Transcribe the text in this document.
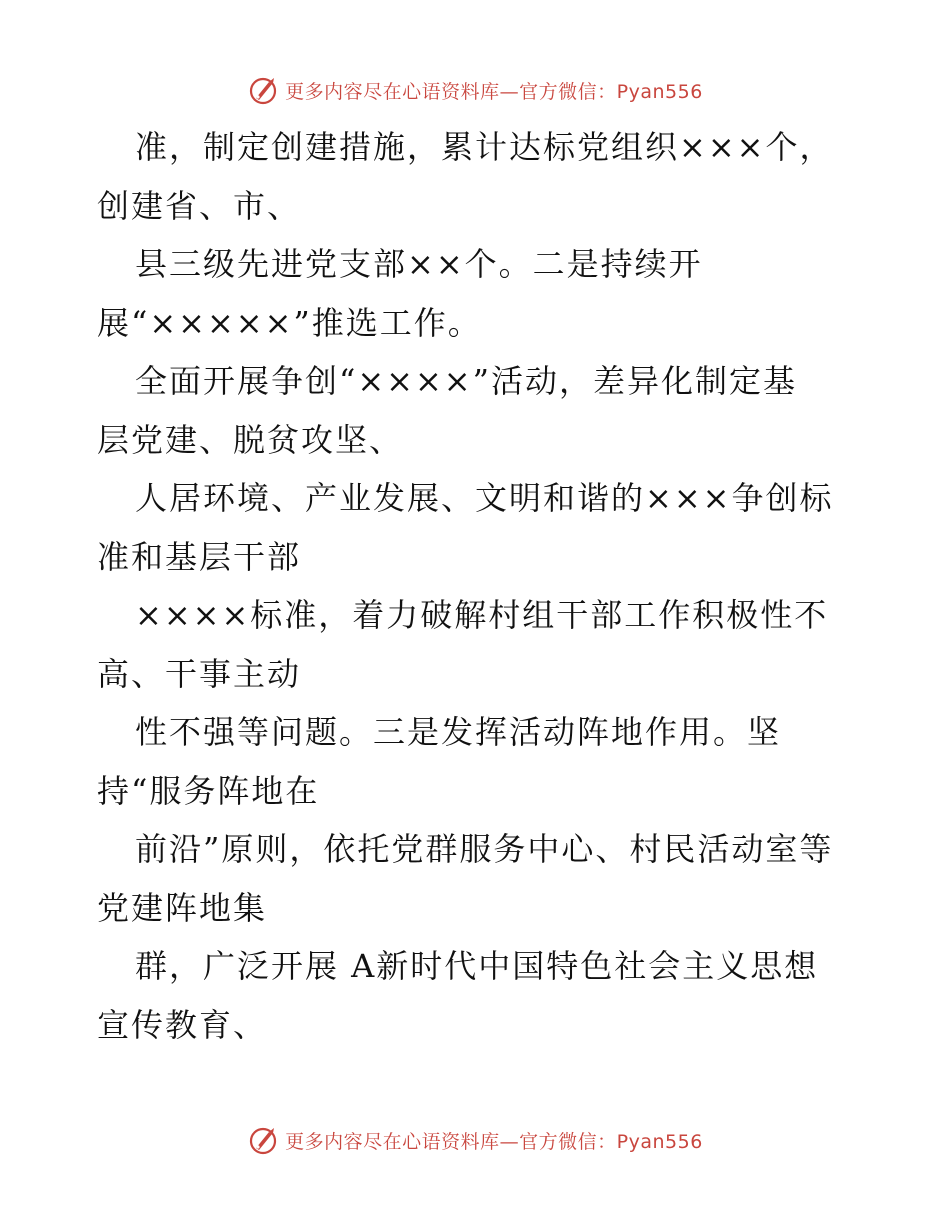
更多内容尽在心语资料库—官方微信：Pyan556
准，制定创建措施，累计达标党组织×××个，
创建省、市、
县三级先进党支部××个。二是持续开
展“×××××”推选工作。
全面开展争创“××××”活动，差异化制定基
层党建、脱贫攻坚、
人居环境、产业发展、文明和谐的×××争创标
准和基层干部
××××标准，着力破解村组干部工作积极性不
高、干事主动
性不强等问题。三是发挥活动阵地作用。坚
持“服务阵地在
前沿”原则，依托党群服务中心、村民活动室等
党建阵地集
群，广泛开展 A新时代中国特色社会主义思想
宣传教育、
更多内容尽在心语资料库—官方微信：Pyan556
